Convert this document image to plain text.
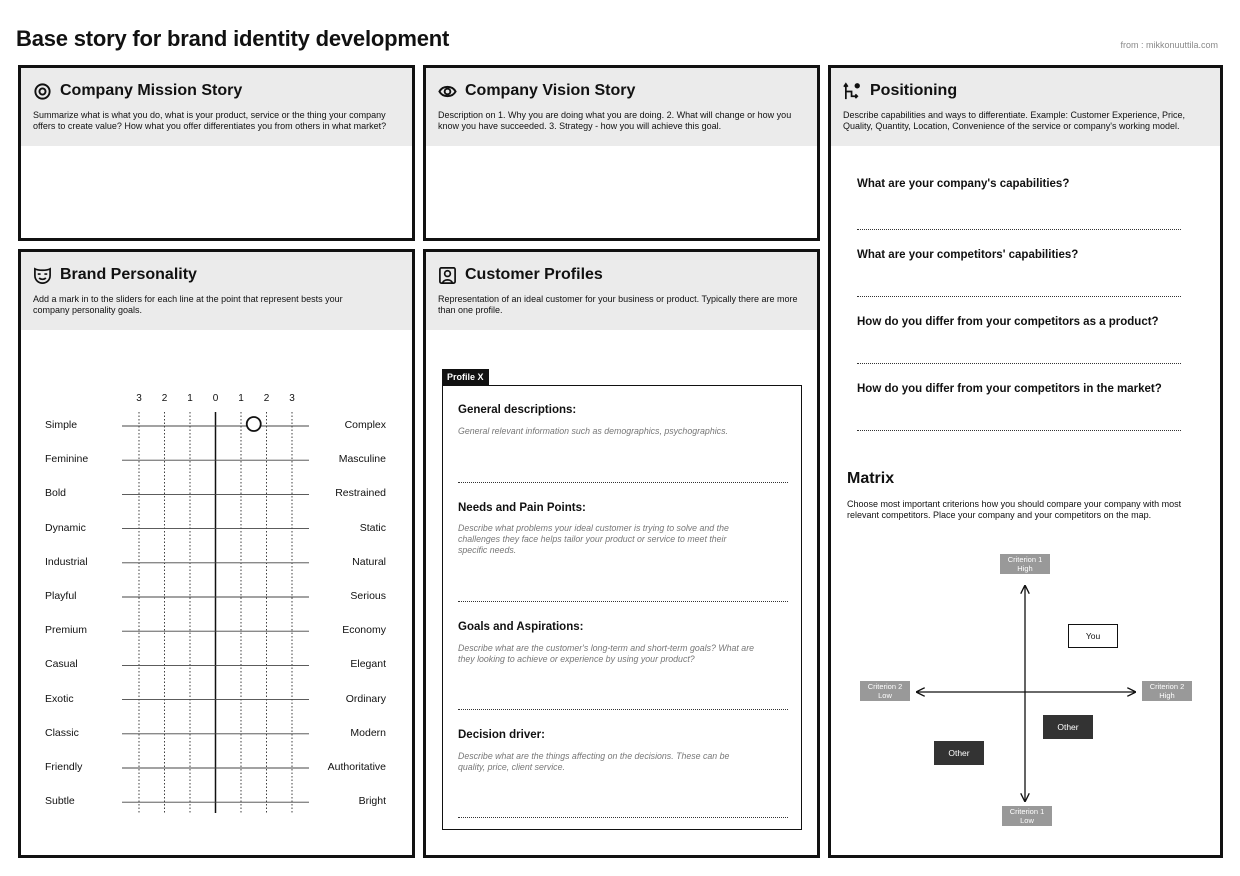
Base story for brand identity development	from : mikkonuuttila.com
Company Mission Story
Summarize what is what you do, what is your product, service or the thing your company offers to create value? How what you offer differentiates you from others in what market?
Company Vision Story
Description on 1. Why you are doing what you are doing. 2. What will change or how you know you have succeeded. 3. Strategy - how you will achieve this goal.
Positioning
Describe capabilities and ways to differentiate. Example: Customer Experience, Price, Quality, Quantity, Location, Convenience of the service or company's working model.
What are your company's capabilities?
What are your competitors' capabilities?
How do you differ from your competitors as a product?
How do you differ from your competitors in the market?
Matrix
Choose most important criterions how you should compare your company with most relevant competitors. Place your company and your competitors on the map.
Criterion 1
High
Criterion 1
Low
Criterion 2
Low
Criterion 2
High
You
Other
Other
Brand Personality
Add a mark in to the sliders for each line at the point that represent bests your company personality goals.
3	2	1	0	1	2	3
Simple	Complex
Feminine	Masculine
Bold	Restrained
Dynamic	Static
Industrial	Natural
Playful	Serious
Premium	Economy
Casual	Elegant
Exotic	Ordinary
Classic	Modern
Friendly	Authoritative
Subtle	Bright
Customer Profiles
Representation of an ideal customer for your business or product. Typically there are more than one profile.
Profile X
General descriptions:
General relevant information such as demographics, psychographics.
Needs and Pain Points:
Describe what problems your ideal customer is trying to solve and the challenges they face helps tailor your product or service to meet their specific needs.
Goals and Aspirations:
Describe what are the customer's long-term and short-term goals? What are they looking to achieve or experience by using your product?
Decision driver:
Describe what are the things affecting on the decisions. These can be quality, price, client service.
